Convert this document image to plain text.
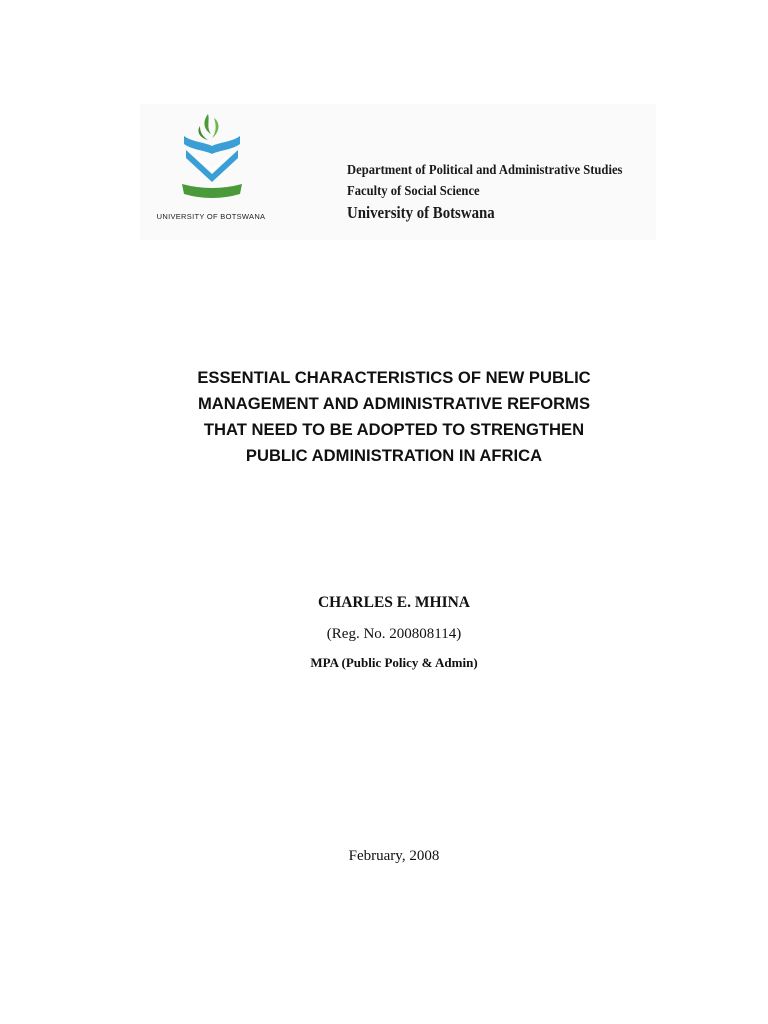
UNIVERSITY OF BOTSWANA
Department of Political and Administrative Studies
Faculty of Social Science
University of Botswana
ESSENTIAL CHARACTERISTICS OF NEW PUBLIC
MANAGEMENT AND ADMINISTRATIVE REFORMS
THAT NEED TO BE ADOPTED TO STRENGTHEN
PUBLIC ADMINISTRATION IN AFRICA
CHARLES E. MHINA
(Reg. No. 200808114)
MPA (Public Policy & Admin)
February, 2008
